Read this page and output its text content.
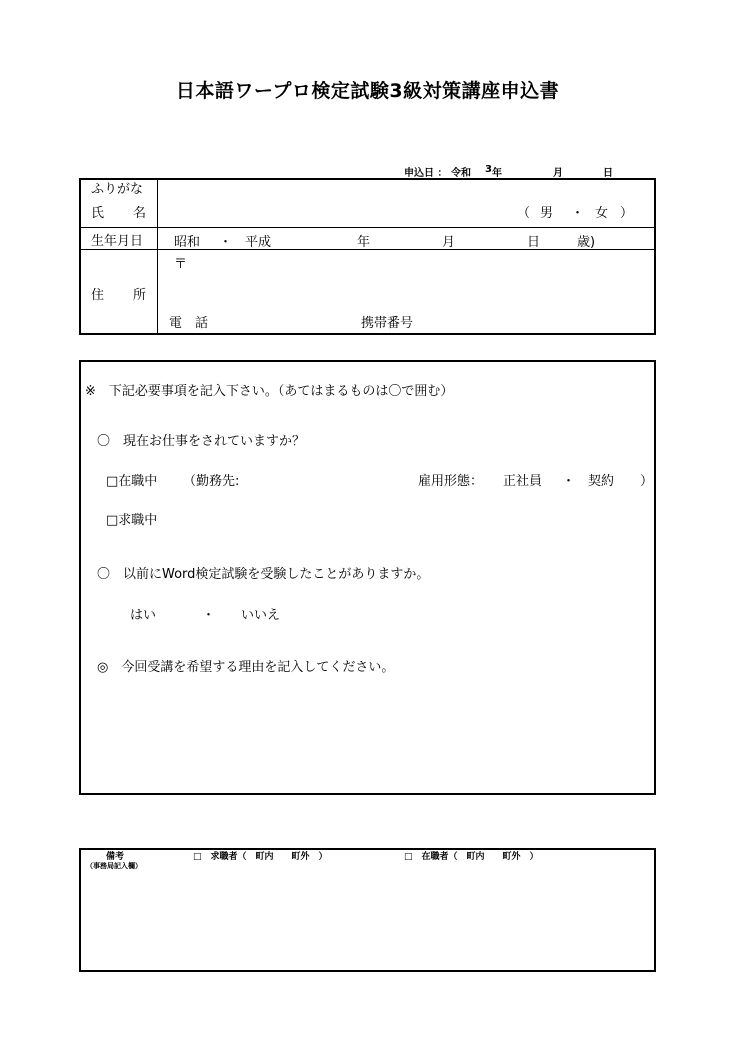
日本語ワープロ検定試験3級対策講座申込書
申込日 ： 令和 3 年	月	日
ふりがな
氏 名	（ 男 ・ 女 ）
生年月日 昭和 ・ 平成	年	月	日	歳)
住 所
〒
電　話	携帯番号
※　下記必要事項を記入下さい。（あてはまるものは〇で囲む）
〇　現在お仕事をされていますか？
□在職中 （勤務先:	雇用形態： 正社員 ・ 契約 ）
□求職中
〇　以前にWord検定試験を受験したことがありますか。
はい	・ いいえ
◎　今回受講を希望する理由を記入してください。
備考
（事務局記入欄）
□　求職者（　町内　　町外　）	□　在職者（　町内　　町外　）
